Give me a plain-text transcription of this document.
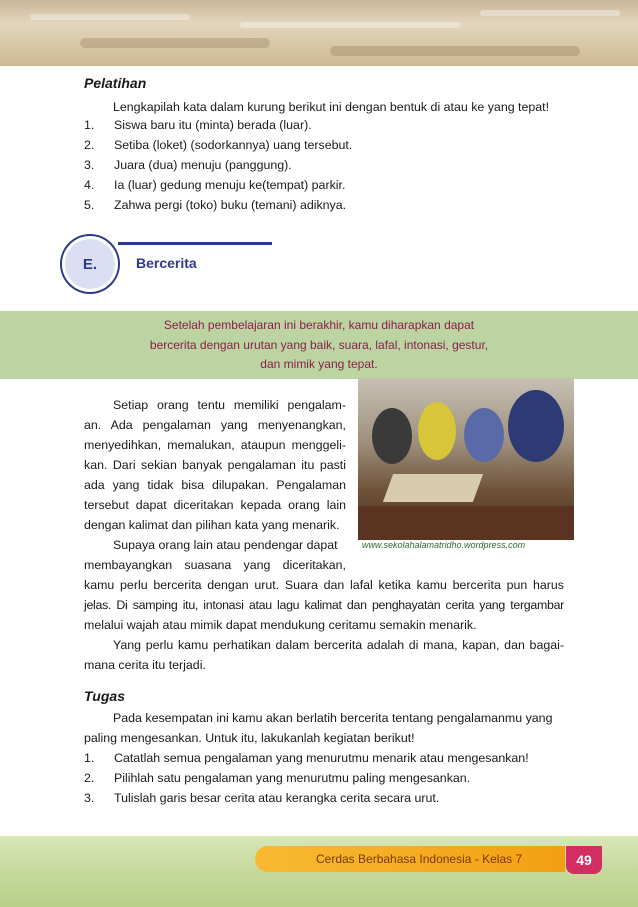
Pelatihan
Lengkapilah kata dalam kurung berikut ini dengan bentuk di atau ke yang tepat!
1. Siswa baru itu (minta) berada (luar).
2. Setiba (loket) (sodorkannya) uang tersebut.
3. Juara (dua) menuju (panggung).
4. Ia (luar) gedung menuju ke(tempat) parkir.
5. Zahwa pergi (toko) buku (temani) adiknya.
E.	Bercerita
Setelah pembelajaran ini berakhir, kamu diharapkan dapat
bercerita dengan urutan yang baik, suara, lafal, intonasi, gestur,
dan mimik yang tepat.
www.sekolahalamatridho.wordpress.com
Setiap orang tentu memiliki pengalam-
an. Ada pengalaman yang menyenangkan,
menyedihkan, memalukan, ataupun menggeli-
kan. Dari sekian banyak pengalaman itu pasti
ada yang tidak bisa dilupakan. Pengalaman
tersebut dapat diceritakan kepada orang lain
dengan kalimat dan pilihan kata yang menarik.
Supaya orang lain atau pendengar dapat
membayangkan suasana yang diceritakan,
kamu perlu bercerita dengan urut. Suara dan lafal ketika kamu bercerita pun harus
jelas. Di samping itu, intonasi atau lagu kalimat dan penghayatan cerita yang tergambar
melalui wajah atau mimik dapat mendukung ceritamu semakin menarik.
Yang perlu kamu perhatikan dalam bercerita adalah di mana, kapan, dan bagai-
mana cerita itu terjadi.
Tugas
Pada kesempatan ini kamu akan berlatih bercerita tentang pengalamanmu yang
paling mengesankan. Untuk itu, lakukanlah kegiatan berikut!
1. Catatlah semua pengalaman yang menurutmu menarik atau mengesankan!
2. Pilihlah satu pengalaman yang menurutmu paling mengesankan.
3. Tulislah garis besar cerita atau kerangka cerita secara urut.
Cerdas Berbahasa Indonesia - Kelas 7	49
